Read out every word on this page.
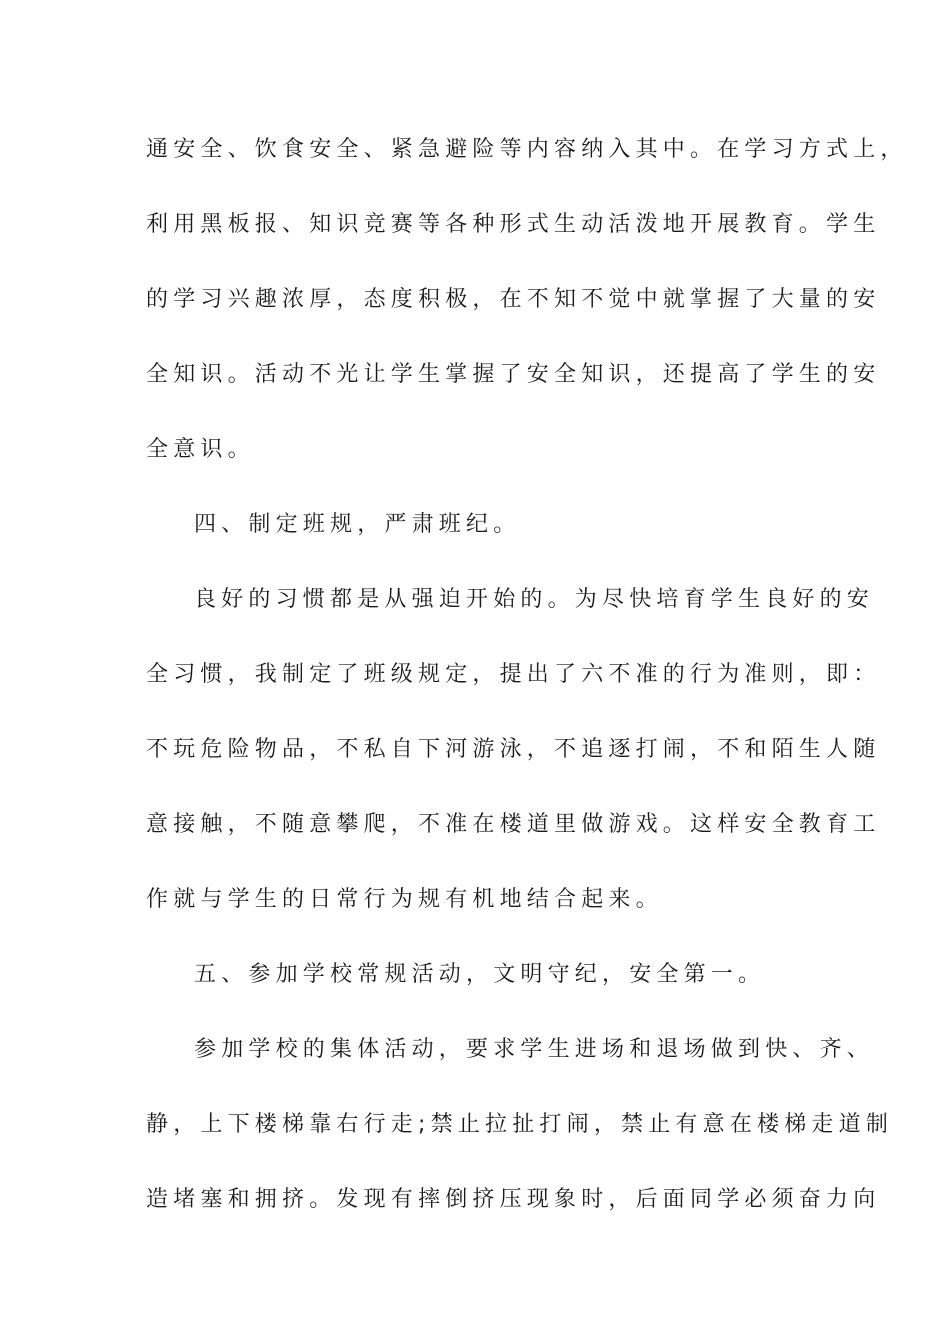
通安全、饮食安全、紧急避险等内容纳入其中。在学习方式上，
利用黑板报、知识竞赛等各种形式生动活泼地开展教育。学生
的学习兴趣浓厚，态度积极，在不知不觉中就掌握了大量的安
全知识。活动不光让学生掌握了安全知识，还提高了学生的安
全意识。
四、制定班规，严肃班纪。
良好的习惯都是从强迫开始的。为尽快培育学生良好的安
全习惯，我制定了班级规定，提出了六不准的行为准则，即：
不玩危险物品，不私自下河游泳，不追逐打闹，不和陌生人随
意接触，不随意攀爬，不准在楼道里做游戏。这样安全教育工
作就与学生的日常行为规有机地结合起来。
五、参加学校常规活动，文明守纪，安全第一。
参加学校的集体活动，要求学生进场和退场做到快、齐、
静，上下楼梯靠右行走;禁止拉扯打闹，禁止有意在楼梯走道制
造堵塞和拥挤。发现有摔倒挤压现象时，后面同学必须奋力向
